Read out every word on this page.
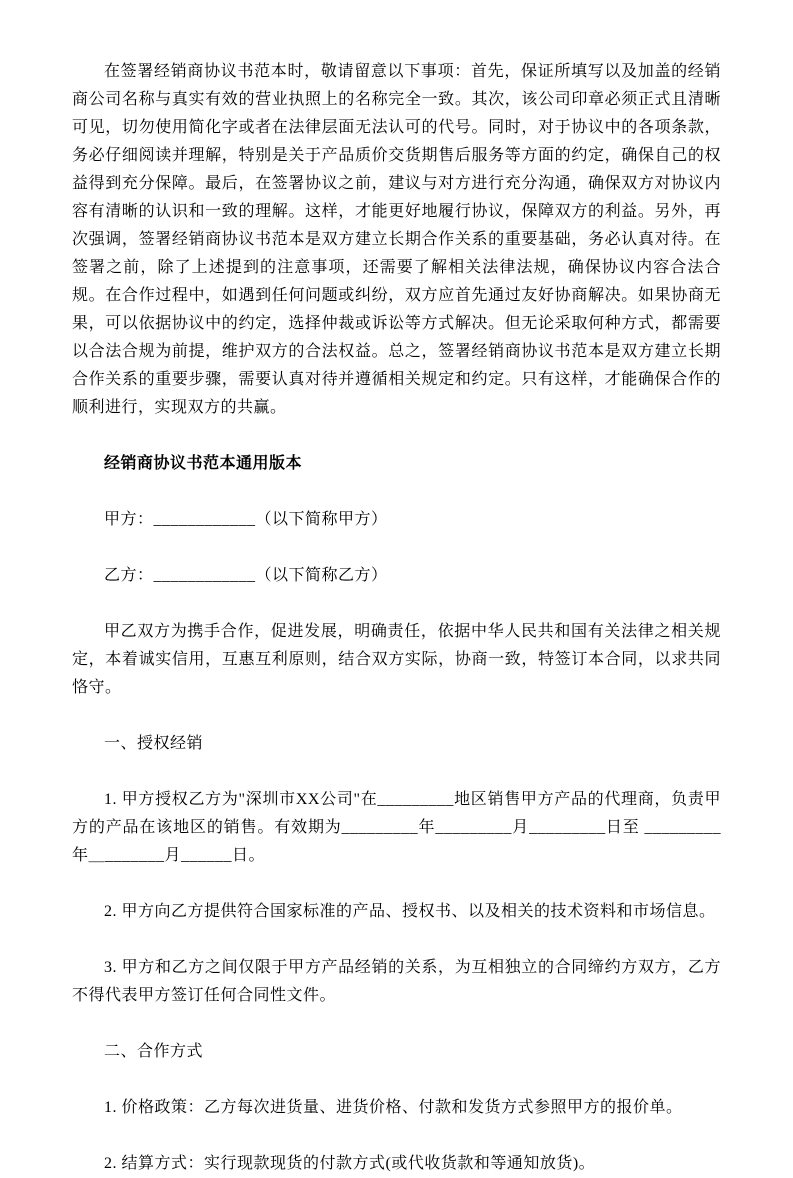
在签署经销商协议书范本时，敬请留意以下事项：首先，保证所填写以及加盖的经销商公司名称与真实有效的营业执照上的名称完全一致。其次，该公司印章必须正式且清晰可见，切勿使用简化字或者在法律层面无法认可的代号。同时，对于协议中的各项条款，务必仔细阅读并理解，特别是关于产品质价交货期售后服务等方面的约定，确保自己的权益得到充分保障。最后，在签署协议之前，建议与对方进行充分沟通，确保双方对协议内容有清晰的认识和一致的理解。这样，才能更好地履行协议，保障双方的利益。另外，再次强调，签署经销商协议书范本是双方建立长期合作关系的重要基础，务必认真对待。在签署之前，除了上述提到的注意事项，还需要了解相关法律法规，确保协议内容合法合规。在合作过程中，如遇到任何问题或纠纷，双方应首先通过友好协商解决。如果协商无果，可以依据协议中的约定，选择仲裁或诉讼等方式解决。但无论采取何种方式，都需要以合法合规为前提，维护双方的合法权益。总之，签署经销商协议书范本是双方建立长期合作关系的重要步骤，需要认真对待并遵循相关规定和约定。只有这样，才能确保合作的顺利进行，实现双方的共赢。

经销商协议书范本通用版本

甲方：____________（以下简称甲方）

乙方：____________（以下简称乙方）

甲乙双方为携手合作，促进发展，明确责任，依据中华人民共和国有关法律之相关规定，本着诚实信用，互惠互利原则，结合双方实际，协商一致，特签订本合同，以求共同恪守。

一、授权经销

1. 甲方授权乙方为"深圳市XX公司"在_________地区销售甲方产品的代理商，负责甲方的产品在该地区的销售。有效期为_________年_________月_________日至 _________年＿_______月______日。

2. 甲方向乙方提供符合国家标准的产品、授权书、以及相关的技术资料和市场信息。

3. 甲方和乙方之间仅限于甲方产品经销的关系，为互相独立的合同缔约方双方，乙方不得代表甲方签订任何合同性文件。

二、合作方式

1. 价格政策：乙方每次进货量、进货价格、付款和发货方式参照甲方的报价单。

2. 结算方式：实行现款现货的付款方式(或代收货款和等通知放货)。
